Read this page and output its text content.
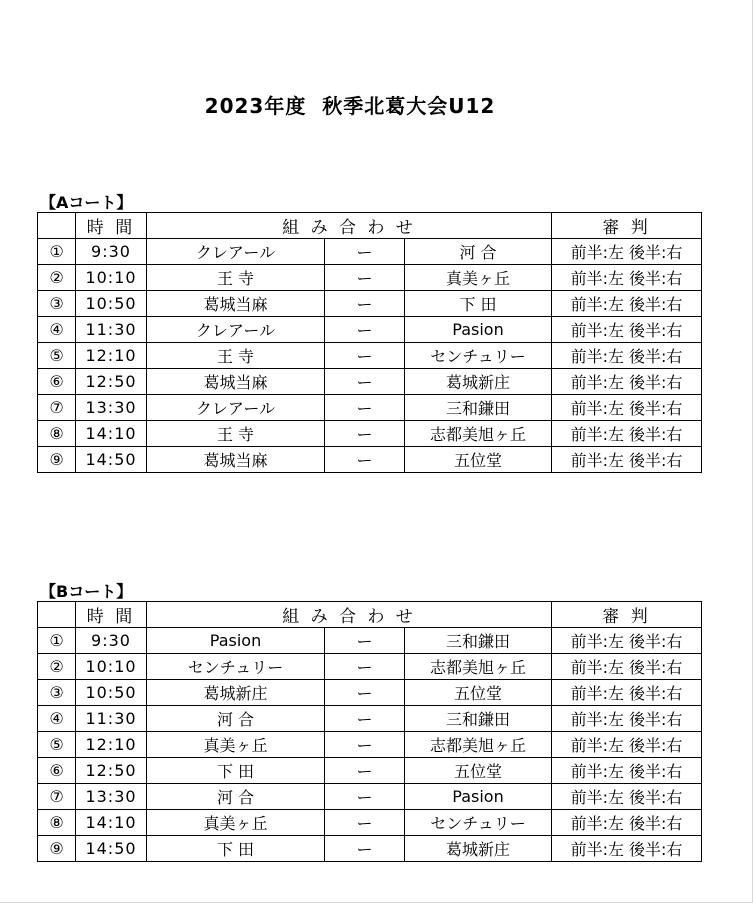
2023年度  秋季北葛大会U12
【Aコート】
	時 間	組 み 合 わ せ			審 判
①	9:30	クレアール	ー	河 合	前半:左 後半:右
②	10:10	王 寺	ー	真美ヶ丘	前半:左 後半:右
③	10:50	葛城当麻	ー	下 田	前半:左 後半:右
④	11:30	クレアール	ー	Pasion	前半:左 後半:右
⑤	12:10	王 寺	ー	センチュリー	前半:左 後半:右
⑥	12:50	葛城当麻	ー	葛城新庄	前半:左 後半:右
⑦	13:30	クレアール	ー	三和鎌田	前半:左 後半:右
⑧	14:10	王 寺	ー	志都美旭ヶ丘	前半:左 後半:右
⑨	14:50	葛城当麻	ー	五位堂	前半:左 後半:右
【Bコート】
	時 間	組 み 合 わ せ			審 判
①	9:30	Pasion	ー	三和鎌田	前半:左 後半:右
②	10:10	センチュリー	ー	志都美旭ヶ丘	前半:左 後半:右
③	10:50	葛城新庄	ー	五位堂	前半:左 後半:右
④	11:30	河 合	ー	三和鎌田	前半:左 後半:右
⑤	12:10	真美ヶ丘	ー	志都美旭ヶ丘	前半:左 後半:右
⑥	12:50	下 田	ー	五位堂	前半:左 後半:右
⑦	13:30	河 合	ー	Pasion	前半:左 後半:右
⑧	14:10	真美ヶ丘	ー	センチュリー	前半:左 後半:右
⑨	14:50	下 田	ー	葛城新庄	前半:左 後半:右
